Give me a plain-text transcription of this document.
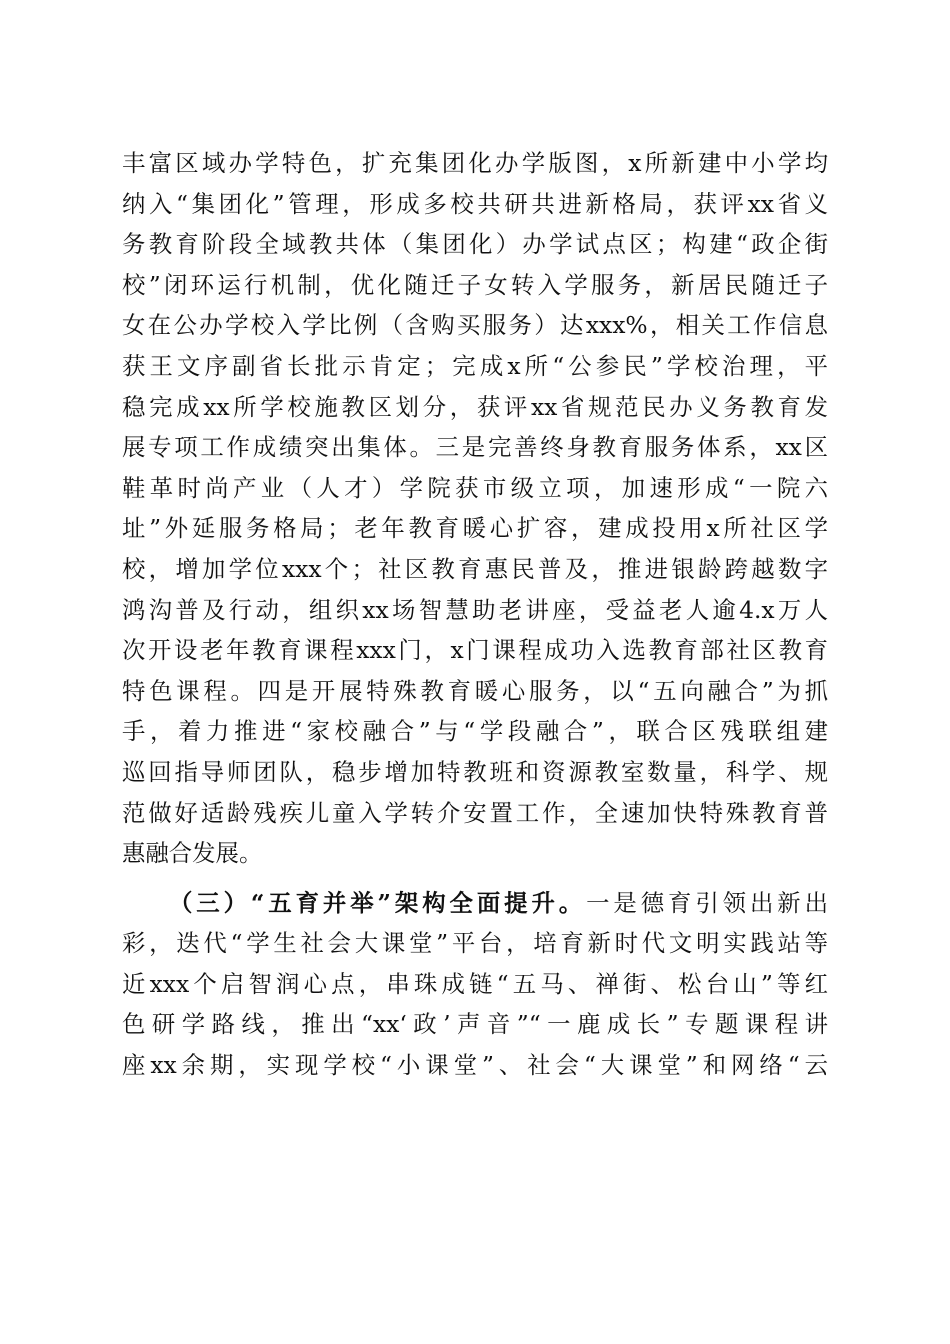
丰富区域办学特色，扩充集团化办学版图，x所新建中小学均
纳入“集团化”管理，形成多校共研共进新格局，获评xx省义
务教育阶段全域教共体（集团化）办学试点区；构建“政企街
校”闭环运行机制，优化随迁子女转入学服务，新居民随迁子
女在公办学校入学比例（含购买服务）达xxx%，相关工作信息
获王文序副省长批示肯定；完成x所“公参民”学校治理，平
稳完成xx所学校施教区划分，获评xx省规范民办义务教育发
展专项工作成绩突出集体。三是完善终身教育服务体系，xx区
鞋革时尚产业（人才）学院获市级立项，加速形成“一院六
址”外延服务格局；老年教育暖心扩容，建成投用x所社区学
校，增加学位xxx个；社区教育惠民普及，推进银龄跨越数字
鸿沟普及行动，组织xx场智慧助老讲座，受益老人逾4.x万人
次开设老年教育课程xxx门，x门课程成功入选教育部社区教育
特色课程。四是开展特殊教育暖心服务，以“五向融合”为抓
手，着力推进“家校融合”与“学段融合”，联合区残联组建
巡回指导师团队，稳步增加特教班和资源教室数量，科学、规
范做好适龄残疾儿童入学转介安置工作，全速加快特殊教育普
惠融合发展。
（三）“五育并举”架构全面提升。一是德育引领出新出
彩，迭代“学生社会大课堂”平台，培育新时代文明实践站等
近xxx个启智润心点，串珠成链“五马、禅街、松台山”等红
色研学路线，推出“xx‘政’声音”“一鹿成长”专题课程讲
座xx余期，实现学校“小课堂”、社会“大课堂”和网络“云
